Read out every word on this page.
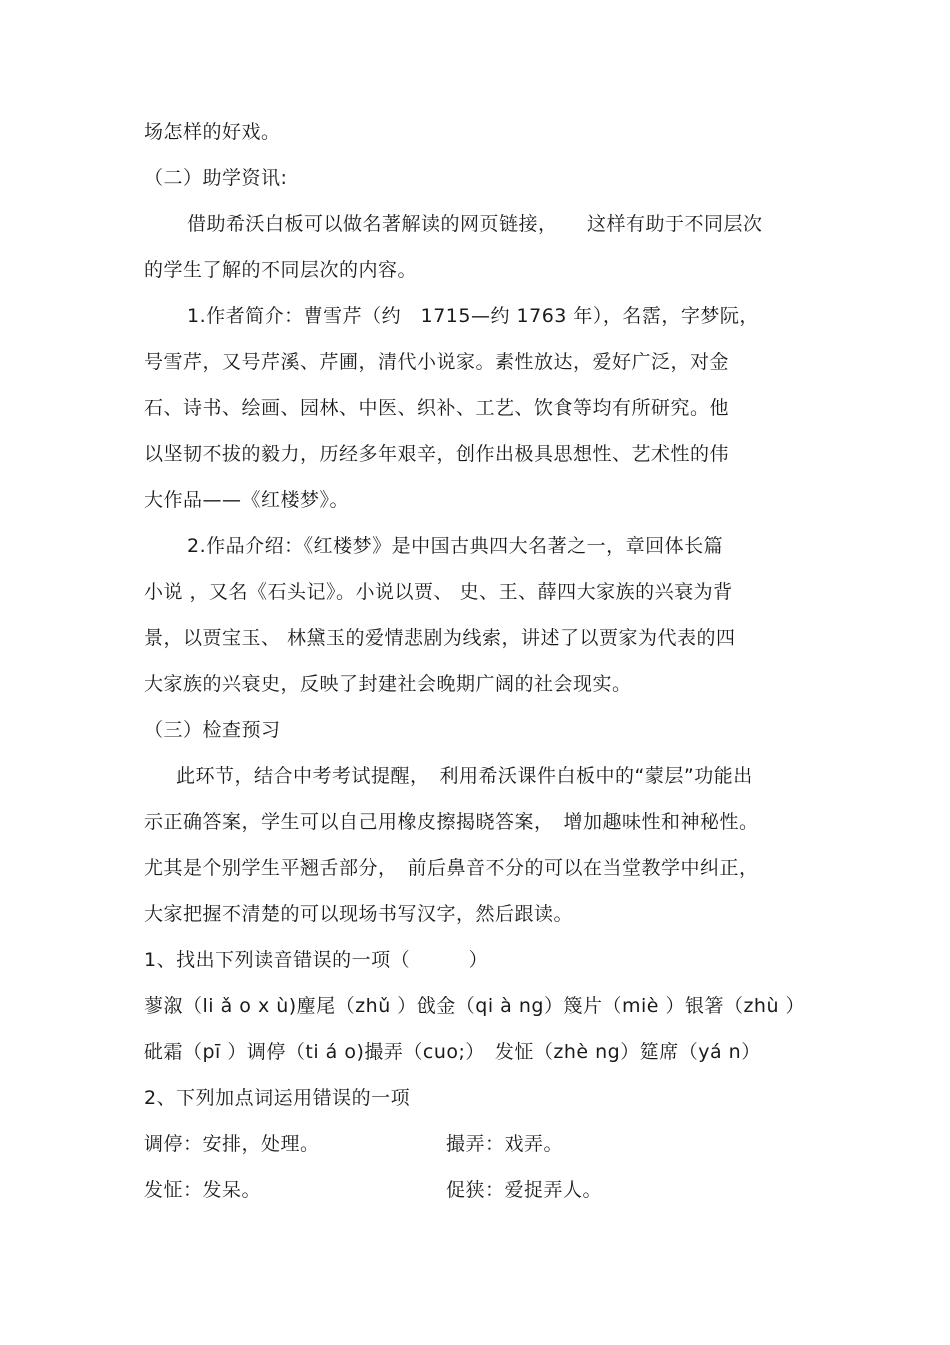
场怎样的好戏。
（二）助学资讯:
借助希沃白板可以做名著解读的网页链接，　　这样有助于不同层次
的学生了解的不同层次的内容。
1.作者简介：曹雪芹（约　1715—约 1763 年），名霑，字梦阮，
号雪芹，又号芹溪、芹圃，清代小说家。素性放达，爱好广泛，对金
石、诗书、绘画、园林、中医、织补、工艺、饮食等均有所研究。他
以坚韧不拔的毅力，历经多年艰辛，创作出极具思想性、艺术性的伟
大作品——《红楼梦》。
2.作品介绍：《红楼梦》是中国古典四大名著之一，章回体长篇
小说 ，又名《石头记》。小说以贾、 史、王、薛四大家族的兴衰为背
景，以贾宝玉、 林黛玉的爱情悲剧为线索，讲述了以贾家为代表的四
大家族的兴衰史，反映了封建社会晚期广阔的社会现实。
（三）检查预习
此环节，结合中考考试提醒，　利用希沃课件白板中的“蒙层”功能出
示正确答案，学生可以自己用橡皮擦揭晓答案，　增加趣味性和神秘性。
尤其是个别学生平翘舌部分，　前后鼻音不分的可以在当堂教学中纠正，
大家把握不清楚的可以现场书写汉字，然后跟读。
1、找出下列读音错误的一项（　　　）
蓼溆（li ǎ o x ù)麈尾（zhǔ ）戗金（qi à ng）篾片（miè ）银箸（zhù ）
砒霜（pī ）调停（ti á o)撮弄（cuo;）　发怔（zhè ng）筵席（yá n）
2、下列加点词运用错误的一项
调停：安排，处理。	撮弄：戏弄。
发怔：发呆。	促狭：爱捉弄人。
